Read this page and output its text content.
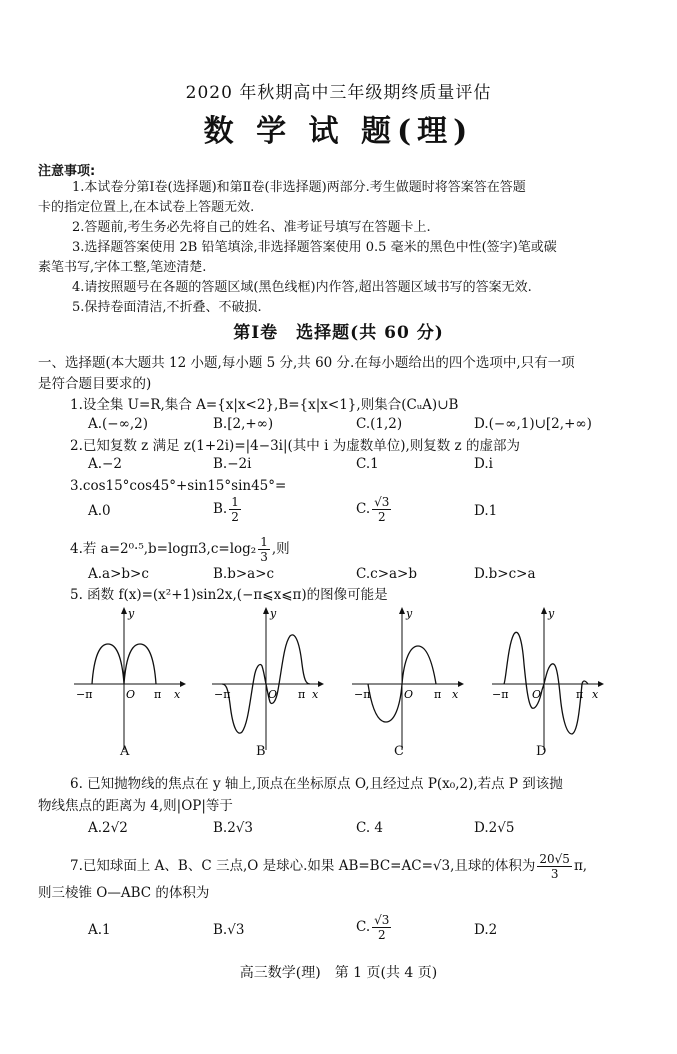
2020 年秋期高中三年级期终质量评估
数 学 试 题(理)
注意事项:
1.本试卷分第Ⅰ卷(选择题)和第Ⅱ卷(非选择题)两部分.考生做题时将答案答在答题
卡的指定位置上,在本试卷上答题无效.
2.答题前,考生务必先将自己的姓名、准考证号填写在答题卡上.
3.选择题答案使用 2B 铅笔填涂,非选择题答案使用 0.5 毫米的黑色中性(签字)笔或碳
素笔书写,字体工整,笔迹清楚.
4.请按照题号在各题的答题区域(黑色线框)内作答,超出答题区域书写的答案无效.
5.保持卷面清洁,不折叠、不破损.
第Ⅰ卷　选择题(共 60 分)
一、选择题(本大题共 12 小题,每小题 5 分,共 60 分.在每小题给出的四个选项中,只有一项
是符合题目要求的)
1.设全集 U=R,集合 A={x|x<2},B={x|x<1},则集合(CᵤA)∪B
A.(−∞,2)	B.[2,+∞)	C.(1,2)	D.(−∞,1)∪[2,+∞)
2.已知复数 z 满足 z(1+2i)=|4−3i|(其中 i 为虚数单位),则复数 z 的虚部为
A.−2	B.−2i	C.1	D.i
3.cos15°cos45°+sin15°sin45°=
A.0	B. $\frac{1}{2}$	C. $\frac{√3}{2}$	D.1
4.若 $a=2^0\cdot^5,b=\log\pi 3,c=\log_2 \frac{1}{3}$ ,则
A.a>b>c	B.b>a>c	C.c>a>b	D.b>c>a
5. 函数 f(x)=(x²+1)sin2x,(−π⩽x⩽π)的图像可能是
−π	O π x
y
A
−π	O π x
y
B
−π	O π x
y
C
−π O	π x
y
D
6. 已知抛物线的焦点在 y 轴上,顶点在坐标原点 O,且经过点 P(x₀,2),若点 P 到该抛
物线焦点的距离为 4,则|OP|等于
A.2√2	B.2√3	C. 4	D.2√5
7.已知球面上 A、B、C 三点,O 是球心.如果 AB=BC=AC=√3,且球的体积为 $\frac{20√5}{3} \pi$,
则三棱锥 O—ABC 的体积为
A.1	B.√3	C. $\frac{√3}{2}$	D.2
高三数学(理)　第 1 页(共 4 页)
